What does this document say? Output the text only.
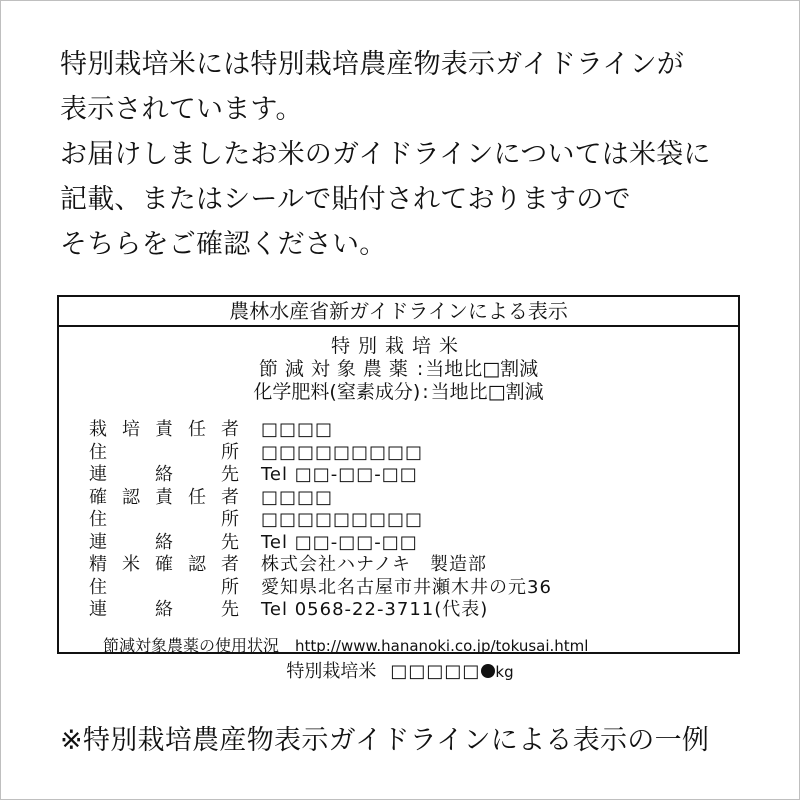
特別栽培米には特別栽培農産物表示ガイドラインが
表示されています。
お届けしましたお米のガイドラインについては米袋に
記載、またはシールで貼付されておりますので
そちらをご確認ください。
農林水産省新ガイドラインによる表示
特別栽培米
節減対象農薬 : 当地比□割減
化学肥料(窒素成分) : 当地比□割減
栽 培 責 任 者 □□□□
住	所 □□□□□□□□□
連	絡	先 Tel □□-□□-□□
確 認 責 任 者 □□□□
住	所 □□□□□□□□□
連	絡	先 Tel □□-□□-□□
精 米 確 認 者 株式会社ハナノキ　製造部
住	所 愛知県北名古屋市井瀬木井の元36
連	絡	先 Tel 0568-22-3711(代表)
節減対象農薬の使用状況 http://www.hananoki.co.jp/tokusai.html
特別栽培米 □□□□□ kg
※特別栽培農産物表示ガイドラインによる表示の一例
